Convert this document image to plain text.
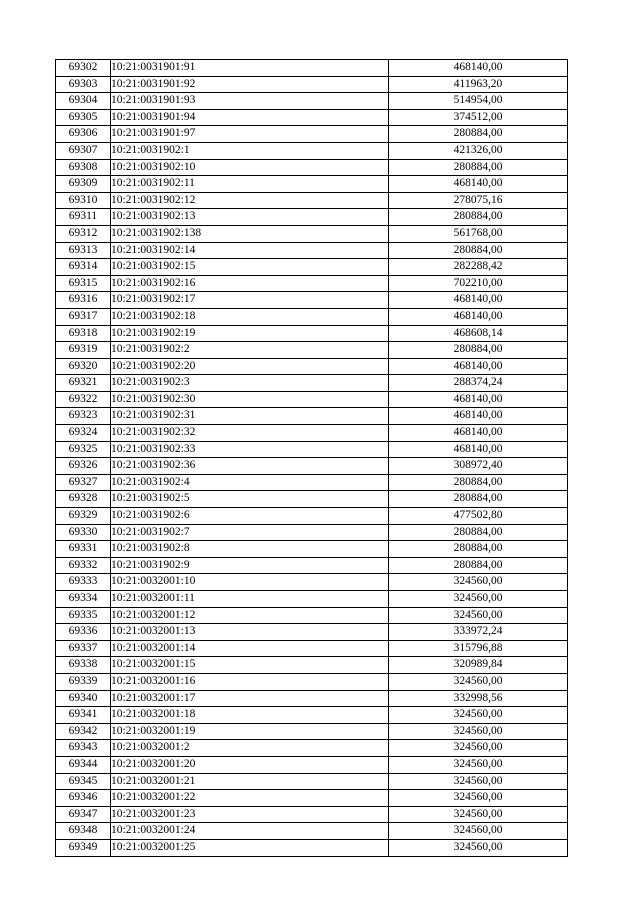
69302	10:21:0031901:91	468140,00
69303	10:21:0031901:92	411963,20
69304	10:21:0031901:93	514954,00
69305	10:21:0031901:94	374512,00
69306	10:21:0031901:97	280884,00
69307	10:21:0031902:1	421326,00
69308	10:21:0031902:10	280884,00
69309	10:21:0031902:11	468140,00
69310	10:21:0031902:12	278075,16
69311	10:21:0031902:13	280884,00
69312	10:21:0031902:138	561768,00
69313	10:21:0031902:14	280884,00
69314	10:21:0031902:15	282288,42
69315	10:21:0031902:16	702210,00
69316	10:21:0031902:17	468140,00
69317	10:21:0031902:18	468140,00
69318	10:21:0031902:19	468608,14
69319	10:21:0031902:2	280884,00
69320	10:21:0031902:20	468140,00
69321	10:21:0031902:3	288374,24
69322	10:21:0031902:30	468140,00
69323	10:21:0031902:31	468140,00
69324	10:21:0031902:32	468140,00
69325	10:21:0031902:33	468140,00
69326	10:21:0031902:36	308972,40
69327	10:21:0031902:4	280884,00
69328	10:21:0031902:5	280884,00
69329	10:21:0031902:6	477502,80
69330	10:21:0031902:7	280884,00
69331	10:21:0031902:8	280884,00
69332	10:21:0031902:9	280884,00
69333	10:21:0032001:10	324560,00
69334	10:21:0032001:11	324560,00
69335	10:21:0032001:12	324560,00
69336	10:21:0032001:13	333972,24
69337	10:21:0032001:14	315796,88
69338	10:21:0032001:15	320989,84
69339	10:21:0032001:16	324560,00
69340	10:21:0032001:17	332998,56
69341	10:21:0032001:18	324560,00
69342	10:21:0032001:19	324560,00
69343	10:21:0032001:2	324560,00
69344	10:21:0032001:20	324560,00
69345	10:21:0032001:21	324560,00
69346	10:21:0032001:22	324560,00
69347	10:21:0032001:23	324560,00
69348	10:21:0032001:24	324560,00
69349	10:21:0032001:25	324560,00
